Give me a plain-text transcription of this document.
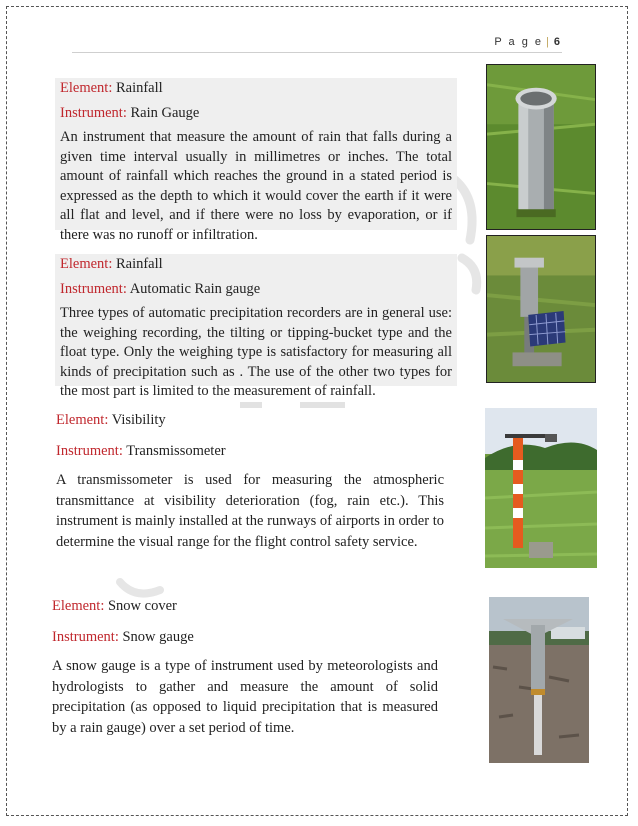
P a g e | 6

Element: Rainfall

Instrument: Rain Gauge

An instrument that measure the amount of rain that falls during a given time interval usually in millimetres or inches. The total amount of rainfall which reaches the ground in a stated period is expressed as the depth to which it would cover the earth if it were all flat and level, and if there were no loss by evaporation, or if there was no runoff or infiltration.

Element: Rainfall

Instrument: Automatic Rain gauge

Three types of automatic precipitation recorders are in general use: the weighing recording, the tilting or tipping-bucket type and the float type. Only the weighing type is satisfactory for measuring all kinds of precipitation such as . The use of the other two types for the most part is limited to the measurement of rainfall.

Element: Visibility

Instrument: Transmissometer

A transmissometer is used for measuring the atmospheric transmittance at visibility deterioration (fog, rain etc.). This instrument is mainly installed at the runways of airports in order to determine the visual range for the flight control safety service.

Element: Snow cover

Instrument: Snow gauge

A snow gauge is a type of instrument used by meteorologists and hydrologists to gather and measure the amount of solid precipitation (as opposed to liquid precipitation that is measured by a rain gauge) over a set period of time.
